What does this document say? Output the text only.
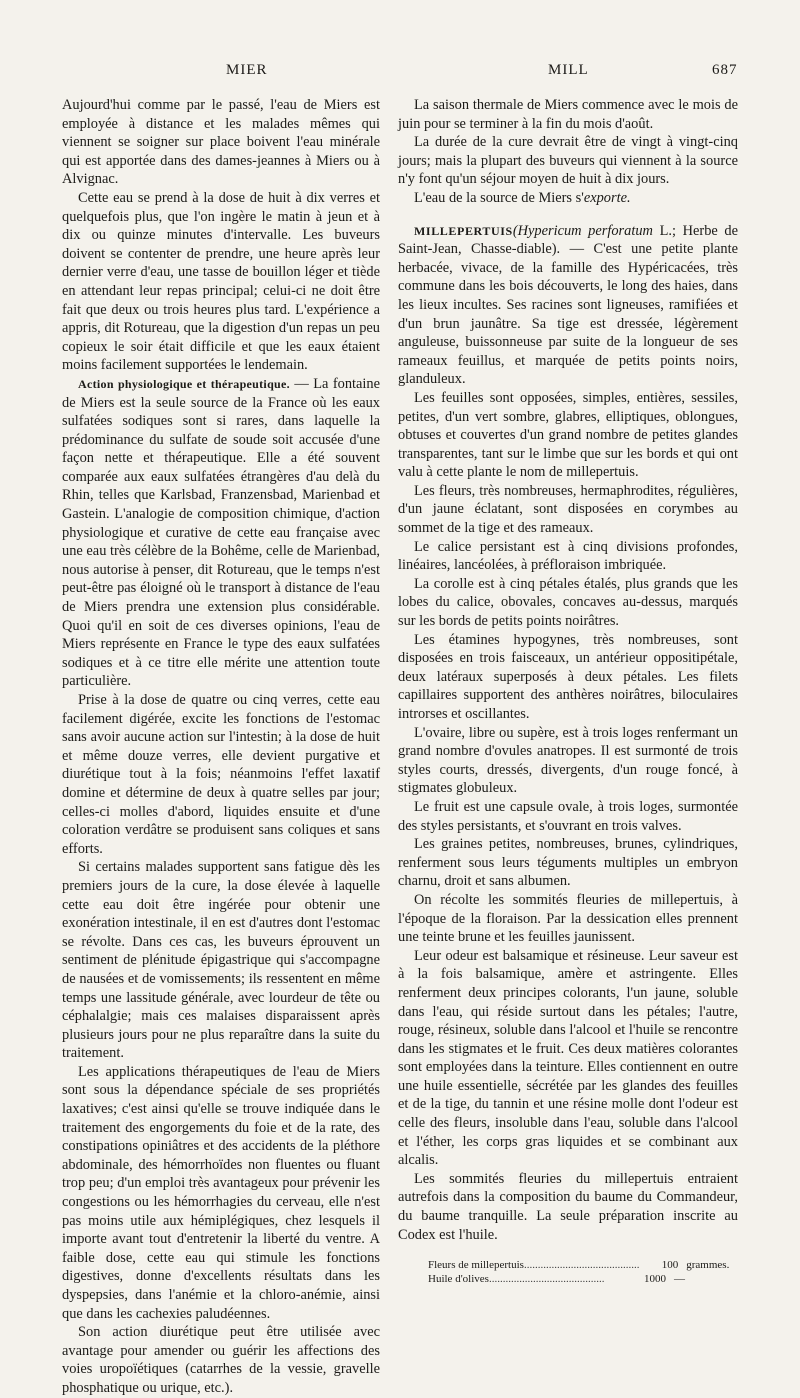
MIER	MILL	687

Aujourd'hui comme par le passé, l'eau de Miers est employée à distance et les malades mêmes qui viennent se soigner sur place boivent l'eau minérale qui est apportée dans des dames-jeannes à Miers ou à Alvignac.

Cette eau se prend à la dose de huit à dix verres et quelquefois plus, que l'on ingère le matin à jeun et à dix ou quinze minutes d'intervalle. Les buveurs doivent se contenter de prendre, une heure après leur dernier verre d'eau, une tasse de bouillon léger et tiède en attendant leur repas principal; celui-ci ne doit être fait que deux ou trois heures plus tard. L'expérience a appris, dit Rotureau, que la digestion d'un repas un peu copieux le soir était difficile et que les eaux étaient moins facilement supportées le lendemain.

Action physiologique et thérapeutique. — La fontaine de Miers est la seule source de la France où les eaux sulfatées sodiques sont si rares, dans laquelle la prédominance du sulfate de soude soit accusée d'une façon nette et thérapeutique. Elle a été souvent comparée aux eaux sulfatées étrangères d'au delà du Rhin, telles que Karlsbad, Franzensbad, Marienbad et Gastein. L'analogie de composition chimique, d'action physiologique et curative de cette eau française avec une eau très célèbre de la Bohême, celle de Marienbad, nous autorise à penser, dit Rotureau, que le temps n'est peut-être pas éloigné où le transport à distance de l'eau de Miers prendra une extension plus considérable. Quoi qu'il en soit de ces diverses opinions, l'eau de Miers représente en France le type des eaux sulfatées sodiques et à ce titre elle mérite une attention toute particulière.

Prise à la dose de quatre ou cinq verres, cette eau facilement digérée, excite les fonctions de l'estomac sans avoir aucune action sur l'intestin; à la dose de huit et même douze verres, elle devient purgative et diurétique tout à la fois; néanmoins l'effet laxatif domine et détermine de deux à quatre selles par jour; celles-ci molles d'abord, liquides ensuite et d'une coloration verdâtre se produisent sans coliques et sans efforts.

Si certains malades supportent sans fatigue dès les premiers jours de la cure, la dose élevée à laquelle cette eau doit être ingérée pour obtenir une exonération intestinale, il en est d'autres dont l'estomac se révolte. Dans ces cas, les buveurs éprouvent un sentiment de plénitude épigastrique qui s'accompagne de nausées et de vomissements; ils ressentent en même temps une lassitude générale, avec lourdeur de tête ou céphalalgie; mais ces malaises disparaissent après plusieurs jours pour ne plus reparaître dans la suite du traitement.

Les applications thérapeutiques de l'eau de Miers sont sous la dépendance spéciale de ses propriétés laxatives; c'est ainsi qu'elle se trouve indiquée dans le traitement des engorgements du foie et de la rate, des constipations opiniâtres et des accidents de la pléthore abdominale, des hémorrhoïdes non fluentes ou fluant trop peu; d'un emploi très avantageux pour prévenir les congestions ou les hémorrhagies du cerveau, elle n'est pas moins utile aux hémiplégiques, chez lesquels il importe avant tout d'entretenir la liberté du ventre. A faible dose, cette eau qui stimule les fonctions digestives, donne d'excellents résultats dans les dyspepsies, dans l'anémie et la chloro-anémie, ainsi que dans les cachexies paludéennes.

Son action diurétique peut être utilisée avec avantage pour amender ou guérir les affections des voies uropoïétiques (catarrhes de la vessie, gravelle phosphatique ou urique, etc.).

La saison thermale de Miers commence avec le mois de juin pour se terminer à la fin du mois d'août.

La durée de la cure devrait être de vingt à vingt-cinq jours; mais la plupart des buveurs qui viennent à la source n'y font qu'un séjour moyen de huit à dix jours.

L'eau de la source de Miers s'exporte.

MILLEPERTUIS(Hypericum perforatum L.; Herbe de Saint-Jean, Chasse-diable). — C'est une petite plante herbacée, vivace, de la famille des Hypéricacées, très commune dans les bois découverts, le long des haies, dans les lieux incultes. Ses racines sont ligneuses, ramifiées et d'un brun jaunâtre. Sa tige est dressée, légèrement anguleuse, buissonneuse par suite de la longueur de ses rameaux feuillus, et marquée de petits points noirs, glanduleux.

Les feuilles sont opposées, simples, entières, sessiles, petites, d'un vert sombre, glabres, elliptiques, oblongues, obtuses et couvertes d'un grand nombre de petites glandes transparentes, tant sur le limbe que sur les bords et qui ont valu à cette plante le nom de millepertuis.

Les fleurs, très nombreuses, hermaphrodites, régulières, d'un jaune éclatant, sont disposées en corymbes au sommet de la tige et des rameaux.

Le calice persistant est à cinq divisions profondes, linéaires, lancéolées, à préfloraison imbriquée.

La corolle est à cinq pétales étalés, plus grands que les lobes du calice, obovales, concaves au-dessus, marqués sur les bords de petits points noirâtres.

Les étamines hypogynes, très nombreuses, sont disposées en trois faisceaux, un antérieur oppositipétale, deux latéraux superposés à deux pétales. Les filets capillaires supportent des anthères noirâtres, biloculaires introrses et oscillantes.

L'ovaire, libre ou supère, est à trois loges renfermant un grand nombre d'ovules anatropes. Il est surmonté de trois styles courts, dressés, divergents, d'un rouge foncé, à stigmates globuleux.

Le fruit est une capsule ovale, à trois loges, surmontée des styles persistants, et s'ouvrant en trois valves.

Les graines petites, nombreuses, brunes, cylindriques, renferment sous leurs téguments multiples un embryon charnu, droit et sans albumen.

On récolte les sommités fleuries de millepertuis, à l'époque de la floraison. Par la dessication elles prennent une teinte brune et les feuilles jaunissent.

Leur odeur est balsamique et résineuse. Leur saveur est à la fois balsamique, amère et astringente. Elles renferment deux principes colorants, l'un jaune, soluble dans l'eau, qui réside surtout dans les pétales; l'autre, rouge, résineux, soluble dans l'alcool et l'huile se rencontre dans les stigmates et le fruit. Ces deux matières colorantes sont employées dans la teinture. Elles contiennent en outre une huile essentielle, sécrétée par les glandes des feuilles et de la tige, du tannin et une résine molle dont l'odeur est celle des fleurs, insoluble dans l'eau, soluble dans l'alcool et l'éther, les corps gras liquides et se combinant aux alcalis.

Les sommités fleuries du millepertuis entraient autrefois dans la composition du baume du Commandeur, du baume tranquille. La seule préparation inscrite au Codex est l'huile.

Fleurs de millepertuis ..........................................	100 grammes.
Huile d'olives ..........................................	1000 —
